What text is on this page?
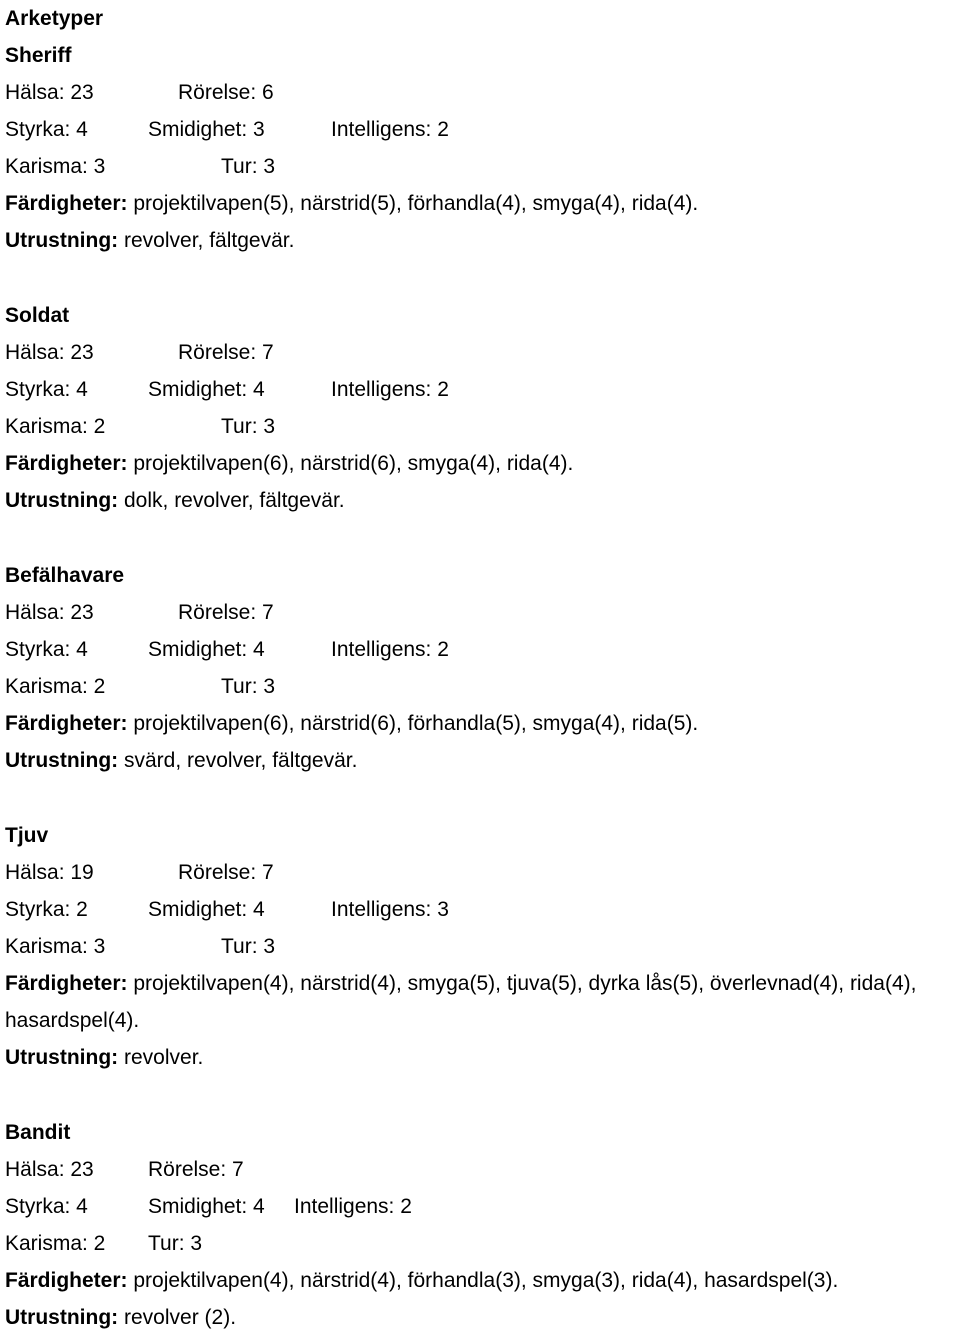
Arketyper
Sheriff
Hälsa: 23	Rörelse: 6
Styrka: 4	Smidighet: 3	Intelligens: 2
Karisma: 3	Tur: 3
Färdigheter: projektilvapen(5), närstrid(5), förhandla(4), smyga(4), rida(4).
Utrustning: revolver, fältgevär.
Soldat
Hälsa: 23	Rörelse: 7
Styrka: 4	Smidighet: 4	Intelligens: 2
Karisma: 2	Tur: 3
Färdigheter: projektilvapen(6), närstrid(6), smyga(4), rida(4).
Utrustning: dolk, revolver, fältgevär.
Befälhavare
Hälsa: 23	Rörelse: 7
Styrka: 4	Smidighet: 4	Intelligens: 2
Karisma: 2	Tur: 3
Färdigheter: projektilvapen(6), närstrid(6), förhandla(5), smyga(4), rida(5).
Utrustning: svärd, revolver, fältgevär.
Tjuv
Hälsa: 19	Rörelse: 7
Styrka: 2	Smidighet: 4	Intelligens: 3
Karisma: 3	Tur: 3
Färdigheter: projektilvapen(4), närstrid(4), smyga(5), tjuva(5), dyrka lås(5), överlevnad(4), rida(4), hasardspel(4).
Utrustning: revolver.
Bandit
Hälsa: 23	Rörelse: 7
Styrka: 4	Smidighet: 4 Intelligens: 2
Karisma: 2 Tur: 3
Färdigheter: projektilvapen(4), närstrid(4), förhandla(3), smyga(3), rida(4), hasardspel(3).
Utrustning: revolver (2).
